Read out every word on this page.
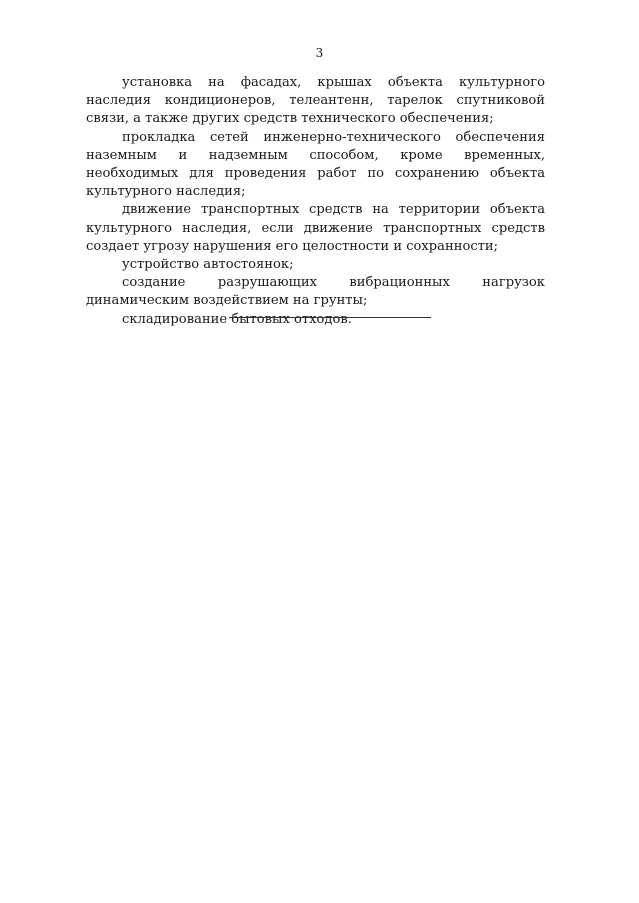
3

установка на фасадах, крышах объекта культурного наследия кондиционеров, телеантенн, тарелок спутниковой связи, а также других средств технического обеспечения;

прокладка сетей инженерно-технического обеспечения наземным и надземным способом, кроме временных, необходимых для проведения работ по сохранению объекта культурного наследия;

движение транспортных средств на территории объекта культурного наследия, если движение транспортных средств создает угрозу нарушения его целостности и сохранности;

устройство автостоянок;

создание разрушающих вибрационных нагрузок динамическим воздействием на грунты;

складирование бытовых отходов.
